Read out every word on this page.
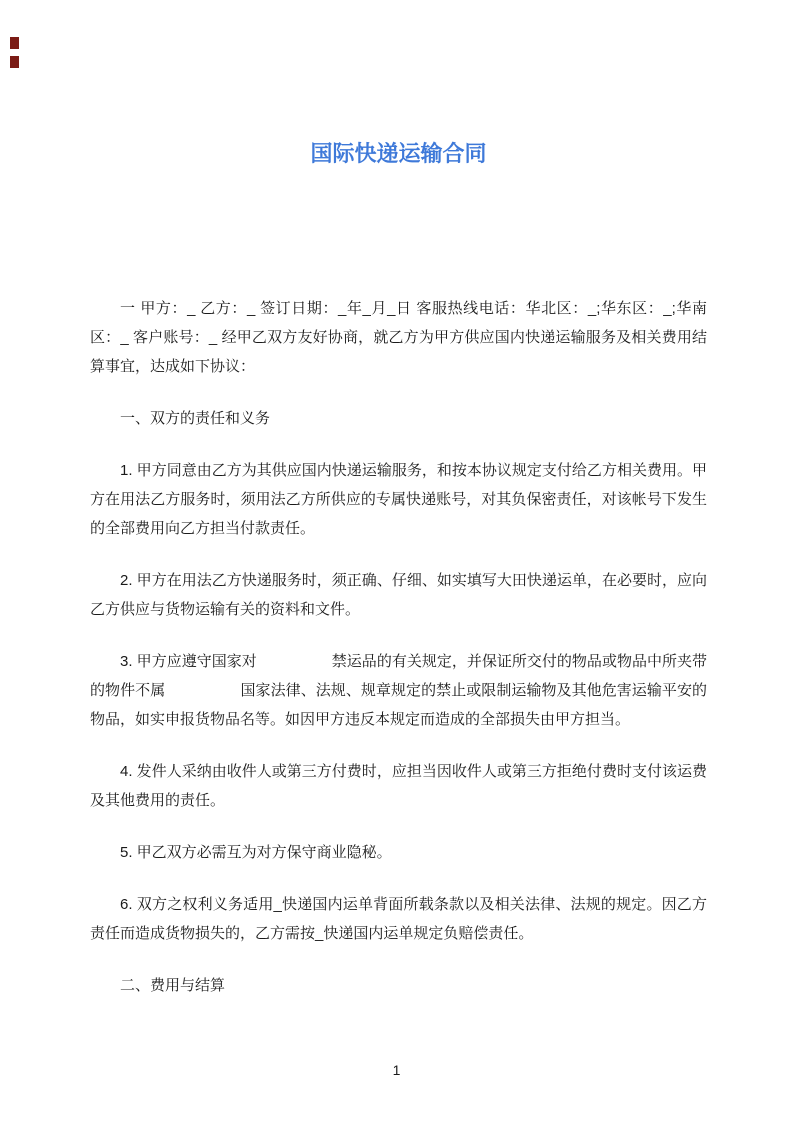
国际快递运输合同

一 甲方：_ 乙方：_ 签订日期：_年_月_日 客服热线电话：华北区：_;华东区：_;华南区：_ 客户账号：_ 经甲乙双方友好协商，就乙方为甲方供应国内快递运输服务及相关费用结算事宜，达成如下协议：

一、双方的责任和义务

1. 甲方同意由乙方为其供应国内快递运输服务，和按本协议规定支付给乙方相关费用。甲方在用法乙方服务时，须用法乙方所供应的专属快递账号，对其负保密责任，对该帐号下发生的全部费用向乙方担当付款责任。

2. 甲方在用法乙方快递服务时，须正确、仔细、如实填写大田快递运单，在必要时，应向乙方供应与货物运输有关的资料和文件。

3. 甲方应遵守国家对　　　　　禁运品的有关规定，并保证所交付的物品或物品中所夹带的物件不属　　　　　国家法律、法规、规章规定的禁止或限制运输物及其他危害运输平安的物品，如实申报货物品名等。如因甲方违反本规定而造成的全部损失由甲方担当。

4. 发件人采纳由收件人或第三方付费时，应担当因收件人或第三方拒绝付费时支付该运费及其他费用的责任。

5. 甲乙双方必需互为对方保守商业隐秘。

6. 双方之权利义务适用_快递国内运单背面所载条款以及相关法律、法规的规定。因乙方责任而造成货物损失的，乙方需按_快递国内运单规定负赔偿责任。

二、费用与结算

1
